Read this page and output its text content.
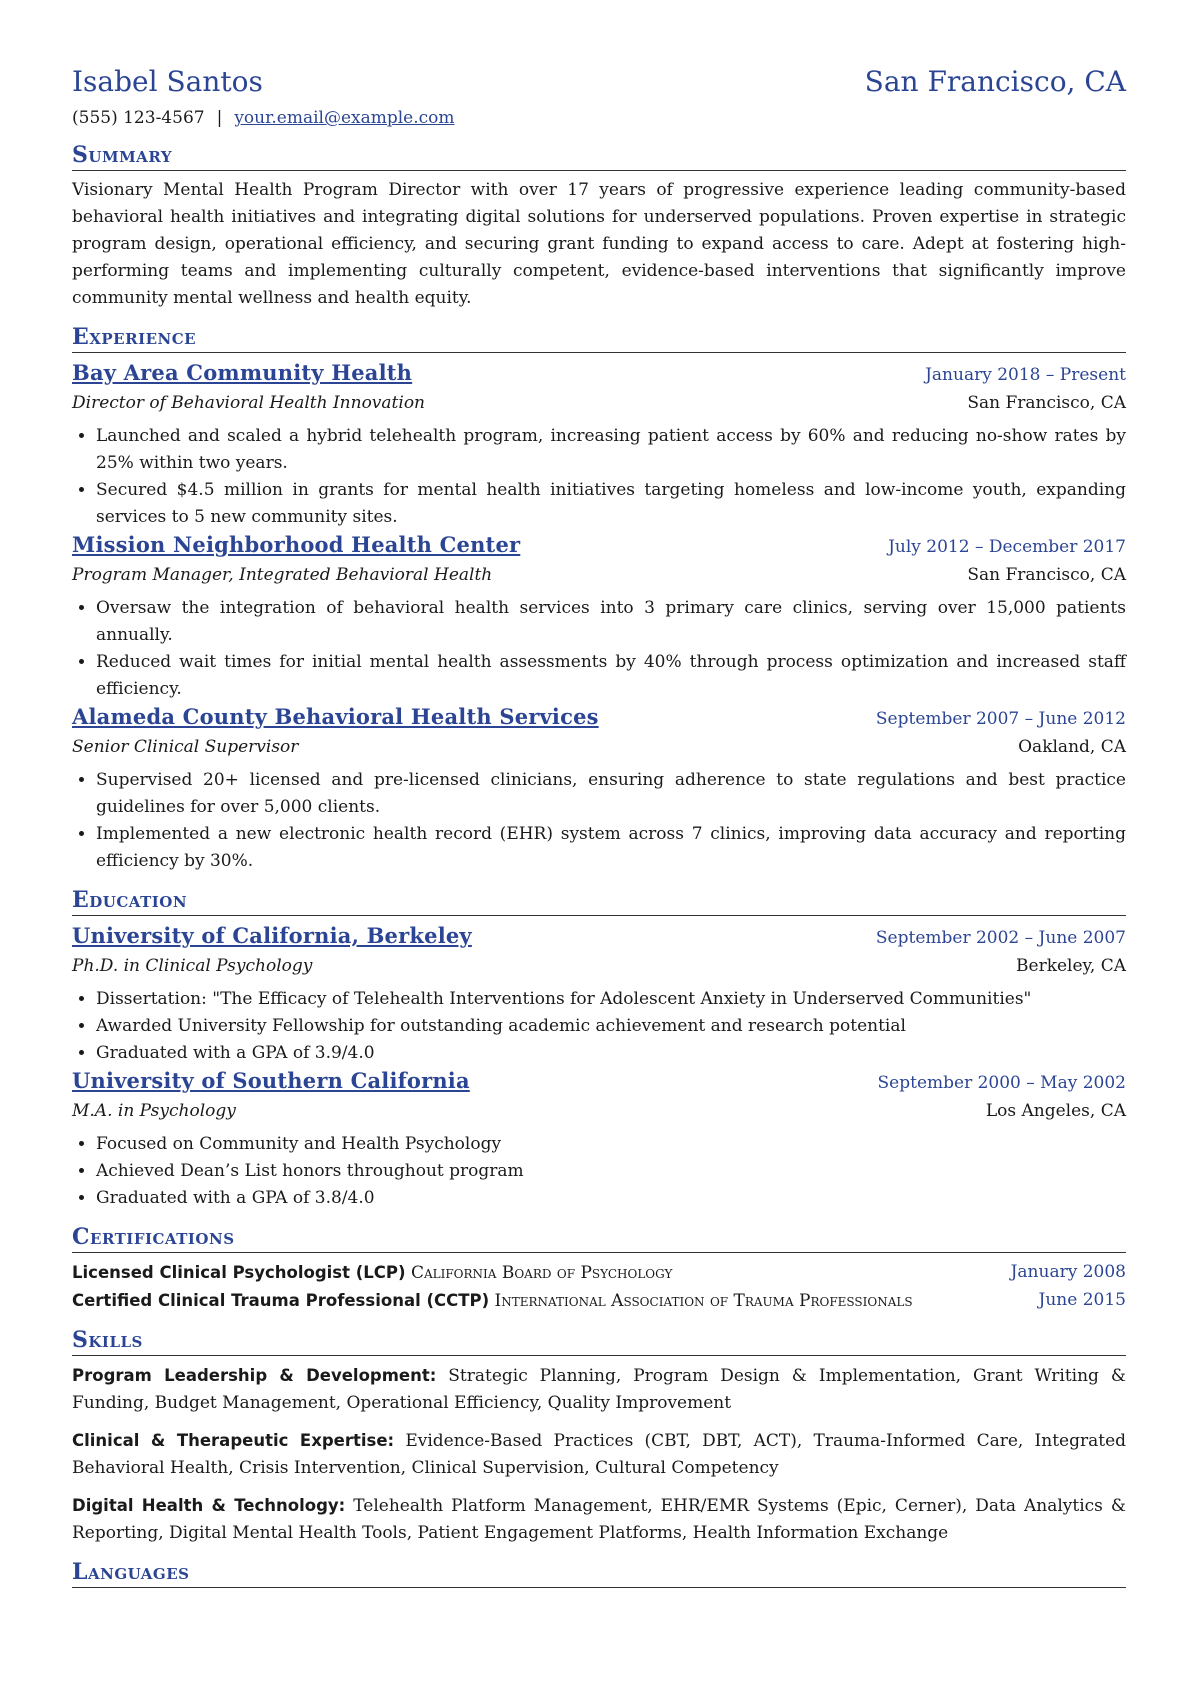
Isabel Santos	San Francisco, CA
(555) 123-4567 | your.email@example.com
Summary

Visionary Mental Health Program Director with over 17 years of progressive experience leading community-based behavioral health initiatives and integrating digital solutions for underserved populations. Proven expertise in strategic program design, operational efficiency, and securing grant funding to expand access to care. Adept at fostering high-performing teams and implementing culturally competent, evidence-based interventions that significantly improve community mental wellness and health equity.

Experience
Bay Area Community Health	January 2018 – Present
Director of Behavioral Health Innovation	San Francisco, CA
• Launched and scaled a hybrid telehealth program, increasing patient access by 60% and reducing no-show rates by 25% within two years.
• Secured $4.5 million in grants for mental health initiatives targeting homeless and low-income youth, expanding services to 5 new community sites.
Mission Neighborhood Health Center	July 2012 – December 2017
Program Manager, Integrated Behavioral Health	San Francisco, CA
• Oversaw the integration of behavioral health services into 3 primary care clinics, serving over 15,000 patients annually.
• Reduced wait times for initial mental health assessments by 40% through process optimization and increased staff efficiency.
Alameda County Behavioral Health Services	September 2007 – June 2012
Senior Clinical Supervisor	Oakland, CA
• Supervised 20+ licensed and pre-licensed clinicians, ensuring adherence to state regulations and best practice guidelines for over 5,000 clients.
• Implemented a new electronic health record (EHR) system across 7 clinics, improving data accuracy and reporting efficiency by 30%.
Education
University of California, Berkeley	September 2002 – June 2007
Ph.D. in Clinical Psychology	Berkeley, CA
• Dissertation: "The Efficacy of Telehealth Interventions for Adolescent Anxiety in Underserved Communities"
• Awarded University Fellowship for outstanding academic achievement and research potential
• Graduated with a GPA of 3.9/4.0
University of Southern California	September 2000 – May 2002
M.A. in Psychology	Los Angeles, CA
• Focused on Community and Health Psychology
• Achieved Dean’s List honors throughout program
• Graduated with a GPA of 3.8/4.0
Certifications
Licensed Clinical Psychologist (LCP) California Board of Psychology	January 2008
Certified Clinical Trauma Professional (CCTP) International Association of Trauma Professionals	June 2015
Skills

Program Leadership & Development: Strategic Planning, Program Design & Implementation, Grant Writing & Funding, Budget Management, Operational Efficiency, Quality Improvement

Clinical & Therapeutic Expertise: Evidence-Based Practices (CBT, DBT, ACT), Trauma-Informed Care, Integrated Behavioral Health, Crisis Intervention, Clinical Supervision, Cultural Competency

Digital Health & Technology: Telehealth Platform Management, EHR/EMR Systems (Epic, Cerner), Data Analytics & Reporting, Digital Mental Health Tools, Patient Engagement Platforms, Health Information Exchange

Languages
